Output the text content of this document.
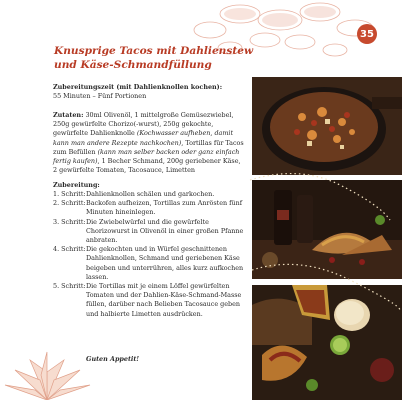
35
Knusprige Tacos mit Dahlienstew
und Käse-Schmandfüllung
Zubereitungszeit (mit Dahlienknollen kochen):
55 Minuten – Fünf Portionen
Zutaten: 30ml Olivenöl, 1 mittelgroße Gemüsezwiebel, 250g gewürfelte Chorizo(-wurst), 250g gekochte, gewürfelte Dahlienknolle (Kochwasser aufheben, damit kann man andere Rezepte nachkochen), Tortillas für Tacos zum Befüllen (kann man selber backen oder ganz einfach fertig kaufen), 1 Becher Schmand, 200g geriebener Käse, 2 gewürfelte Tomaten, Tacosauce, Limetten
Zubereitung:
1. Schritt: Dahlienknollen schälen und garkochen.
2. Schritt: Backofen aufheizen, Tortillas zum Anrösten fünf Minuten hineinlegen.
3. Schritt: Die Zwiebelwürfel und die gewürfelte Chorizowurst in Olivenöl in einer großen Pfanne anbraten.
4. Schritt: Die gekochten und in Würfel geschnittenen Dahlienknollen, Schmand und geriebenen Käse beigeben und unterrühren, alles kurz aufkochen lassen.
5. Schritt: Die Tortillas mit je einem Löffel gewürfelten Tomaten und der Dahlien-Käse-Schmand-Masse füllen, darüber nach Belieben Tacosauce geben und halbierte Limetten ausdrücken.
Guten Appetit!
